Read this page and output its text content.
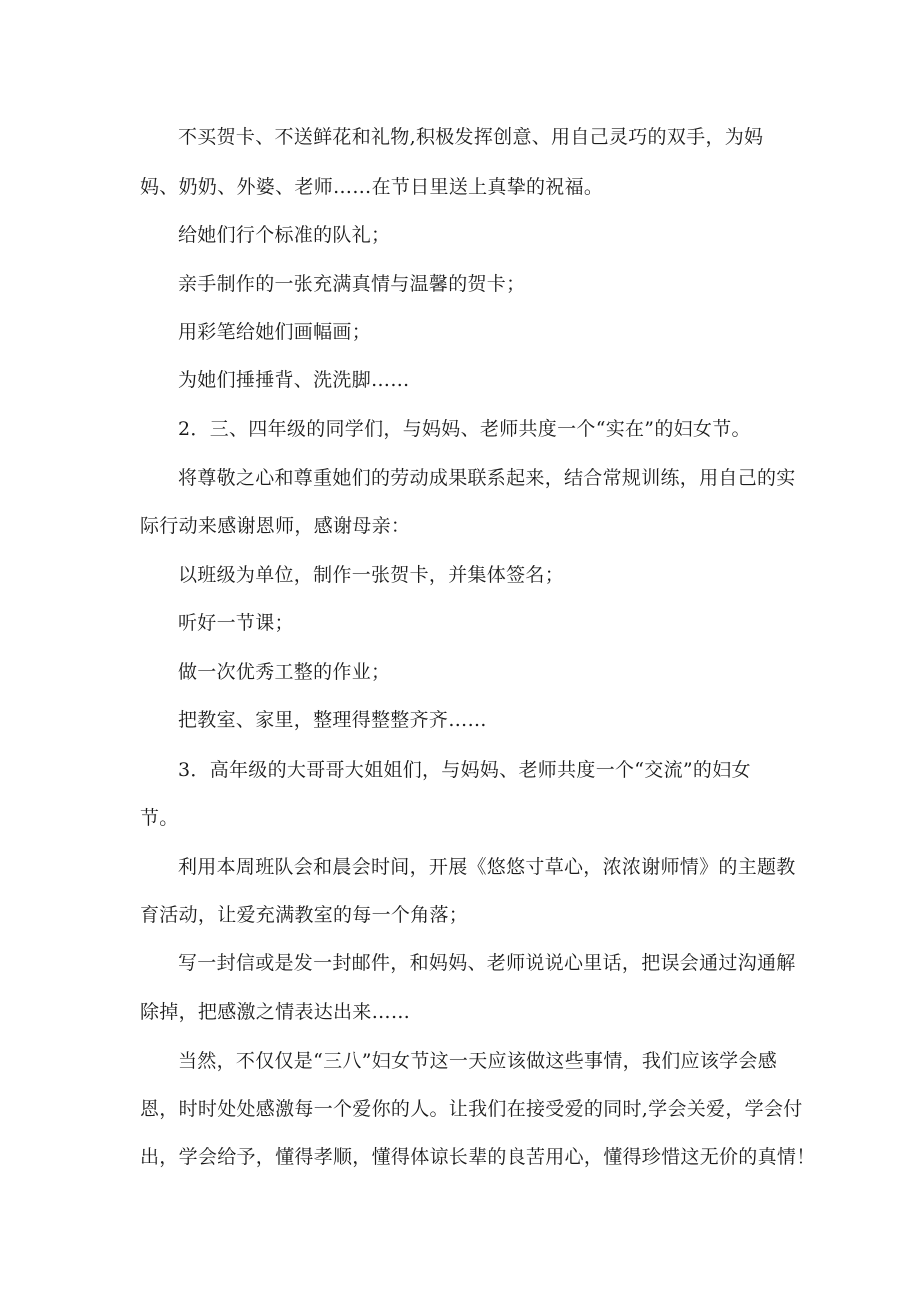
不买贺卡、不送鲜花和礼物,积极发挥创意、用自己灵巧的双手，为妈
妈、奶奶、外婆、老师……在节日里送上真挚的祝福。
给她们行个标准的队礼；
亲手制作的一张充满真情与温馨的贺卡；
用彩笔给她们画幅画；
为她们捶捶背、洗洗脚……
2．三、四年级的同学们，与妈妈、老师共度一个“实在”的妇女节。
将尊敬之心和尊重她们的劳动成果联系起来，结合常规训练，用自己的实
际行动来感谢恩师，感谢母亲：
以班级为单位，制作一张贺卡，并集体签名；
听好一节课；
做一次优秀工整的作业；
把教室、家里，整理得整整齐齐……
3．高年级的大哥哥大姐姐们，与妈妈、老师共度一个“交流”的妇女
节。
利用本周班队会和晨会时间，开展《悠悠寸草心，浓浓谢师情》的主题教
育活动，让爱充满教室的每一个角落；
写一封信或是发一封邮件，和妈妈、老师说说心里话，把误会通过沟通解
除掉，把感激之情表达出来……
当然，不仅仅是“三八”妇女节这一天应该做这些事情，我们应该学会感
恩，时时处处感激每一个爱你的人。让我们在接受爱的同时,学会关爱，学会付
出，学会给予，懂得孝顺，懂得体谅长辈的良苦用心，懂得珍惜这无价的真情！
